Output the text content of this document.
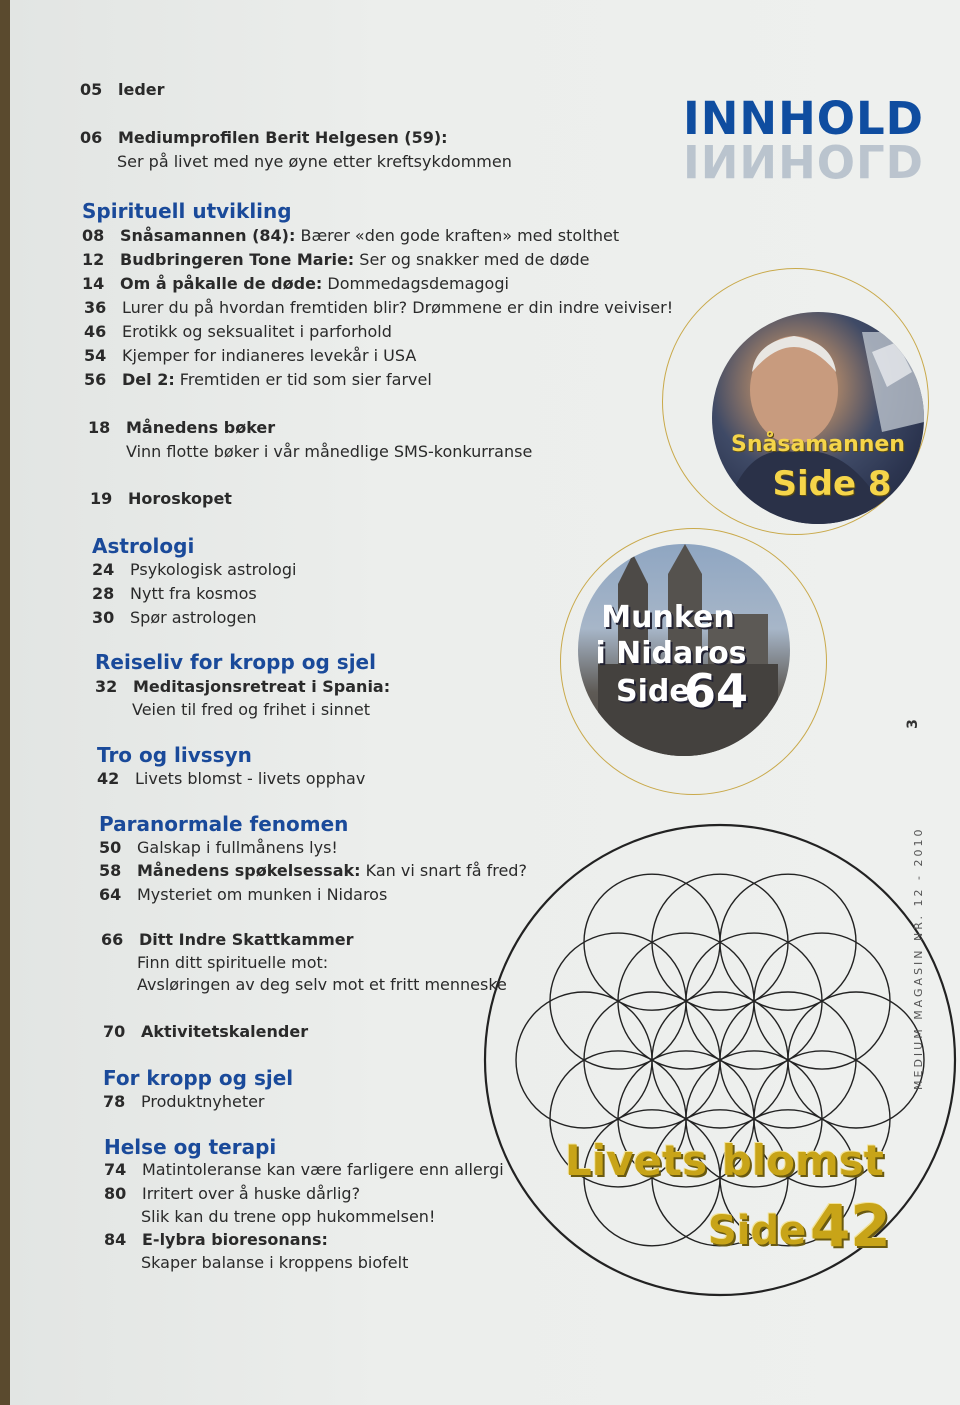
INNHOLD
INNHOLD
05 leder
06 Mediumprofilen Berit Helgesen (59):
Ser på livet med nye øyne etter kreftsykdommen
Spirituell utvikling
08 Snåsamannen (84): Bærer «den gode kraften» med stolthet
12 Budbringeren Tone Marie: Ser og snakker med de døde
14 Om å påkalle de døde: Dommedagsdemagogi
36 Lurer du på hvordan fremtiden blir? Drømmene er din indre veiviser!
46 Erotikk og seksualitet i parforhold
54 Kjemper for indianeres levekår i USA
56 Del 2: Fremtiden er tid som sier farvel
18 Månedens bøker
Vinn flotte bøker i vår månedlige SMS-konkurranse
19 Horoskopet
Astrologi
24 Psykologisk astrologi
28 Nytt fra kosmos
30 Spør astrologen
Reiseliv for kropp og sjel
32 Meditasjonsretreat i Spania:
Veien til fred og frihet i sinnet
Tro og livssyn
42 Livets blomst - livets opphav
Paranormale fenomen
50 Galskap i fullmånens lys!
58 Månedens spøkelsessak: Kan vi snart få fred?
64 Mysteriet om munken i Nidaros
66 Ditt Indre Skattkammer
Finn ditt spirituelle mot:
Avsløringen av deg selv mot et fritt menneske
70 Aktivitetskalender
For kropp og sjel
78 Produktnyheter
Helse og terapi
74 Matintoleranse kan være farligere enn allergi
80 Irritert over å huske dårlig?
Slik kan du trene opp hukommelsen!
84 E-lybra bioresonans:
Skaper balanse i kroppens biofelt
Snåsamannen
Side 8
Munken
i Nidaros
Side
64
Livets blomst
Side 42
3
MEDIUM MAGASIN NR. 12 - 2010
